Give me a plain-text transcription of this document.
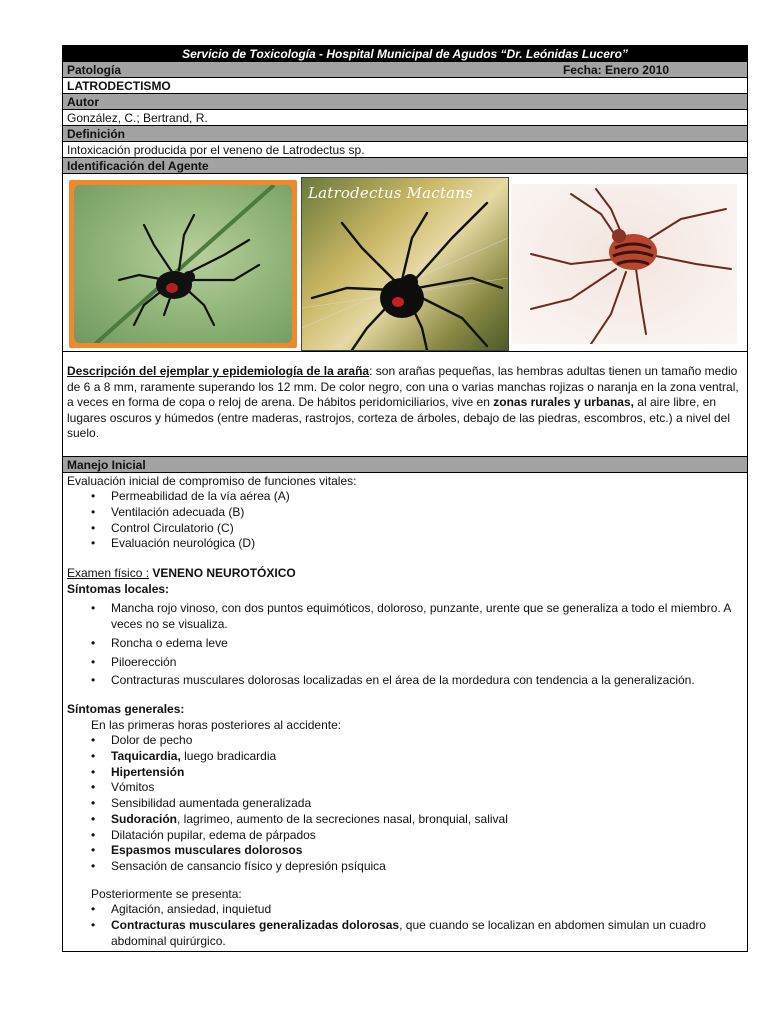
Servicio de Toxicología - Hospital Municipal de Agudos “Dr. Leónidas Lucero”
Patología	Fecha: Enero 2010
LATRODECTISMO
Autor
González, C.; Bertrand, R.
Definición
Intoxicación producida por el veneno de Latrodectus sp.
Identificación del Agente
Latrodectus Mactans
Descripción del ejemplar y epidemiología de la araña: son arañas pequeñas, las hembras adultas tienen un tamaño medio de 6 a 8 mm, raramente superando los 12 mm. De color negro, con una o varias manchas rojizas o naranja en la zona ventral, a veces en forma de copa o reloj de arena. De hábitos peridomiciliarios, vive en zonas rurales y urbanas, al aire libre, en lugares oscuros y húmedos (entre maderas, rastrojos, corteza de árboles, debajo de las piedras, escombros, etc.) a nivel del suelo.
Manejo Inicial
Evaluación inicial de compromiso de funciones vitales:
• Permeabilidad de la vía aérea (A)
• Ventilación adecuada (B)
• Control Circulatorio (C)
• Evaluación neurológica (D)
Examen físico : VENENO NEUROTÓXICO
Síntomas locales:
• Mancha rojo vinoso, con dos puntos equimóticos, doloroso, punzante, urente que se generaliza a todo el miembro. A veces no se visualiza.
• Roncha o edema leve
• Piloerección
• Contracturas musculares dolorosas localizadas en el área de la mordedura con tendencia a la generalización.
Síntomas generales:
En las primeras horas posteriores al accidente:
• Dolor de pecho
• Taquicardia, luego bradicardia
• Hipertensión
• Vómitos
• Sensibilidad aumentada generalizada
• Sudoración, lagrimeo, aumento de la secreciones nasal, bronquial, salival
• Dilatación pupilar, edema de párpados
• Espasmos musculares dolorosos
• Sensación de cansancio físico y depresión psíquica
Posteriormente se presenta:
• Agitación, ansiedad, inquietud
• Contracturas musculares generalizadas dolorosas, que cuando se localizan en abdomen simulan un cuadro abdominal quirúrgico.
